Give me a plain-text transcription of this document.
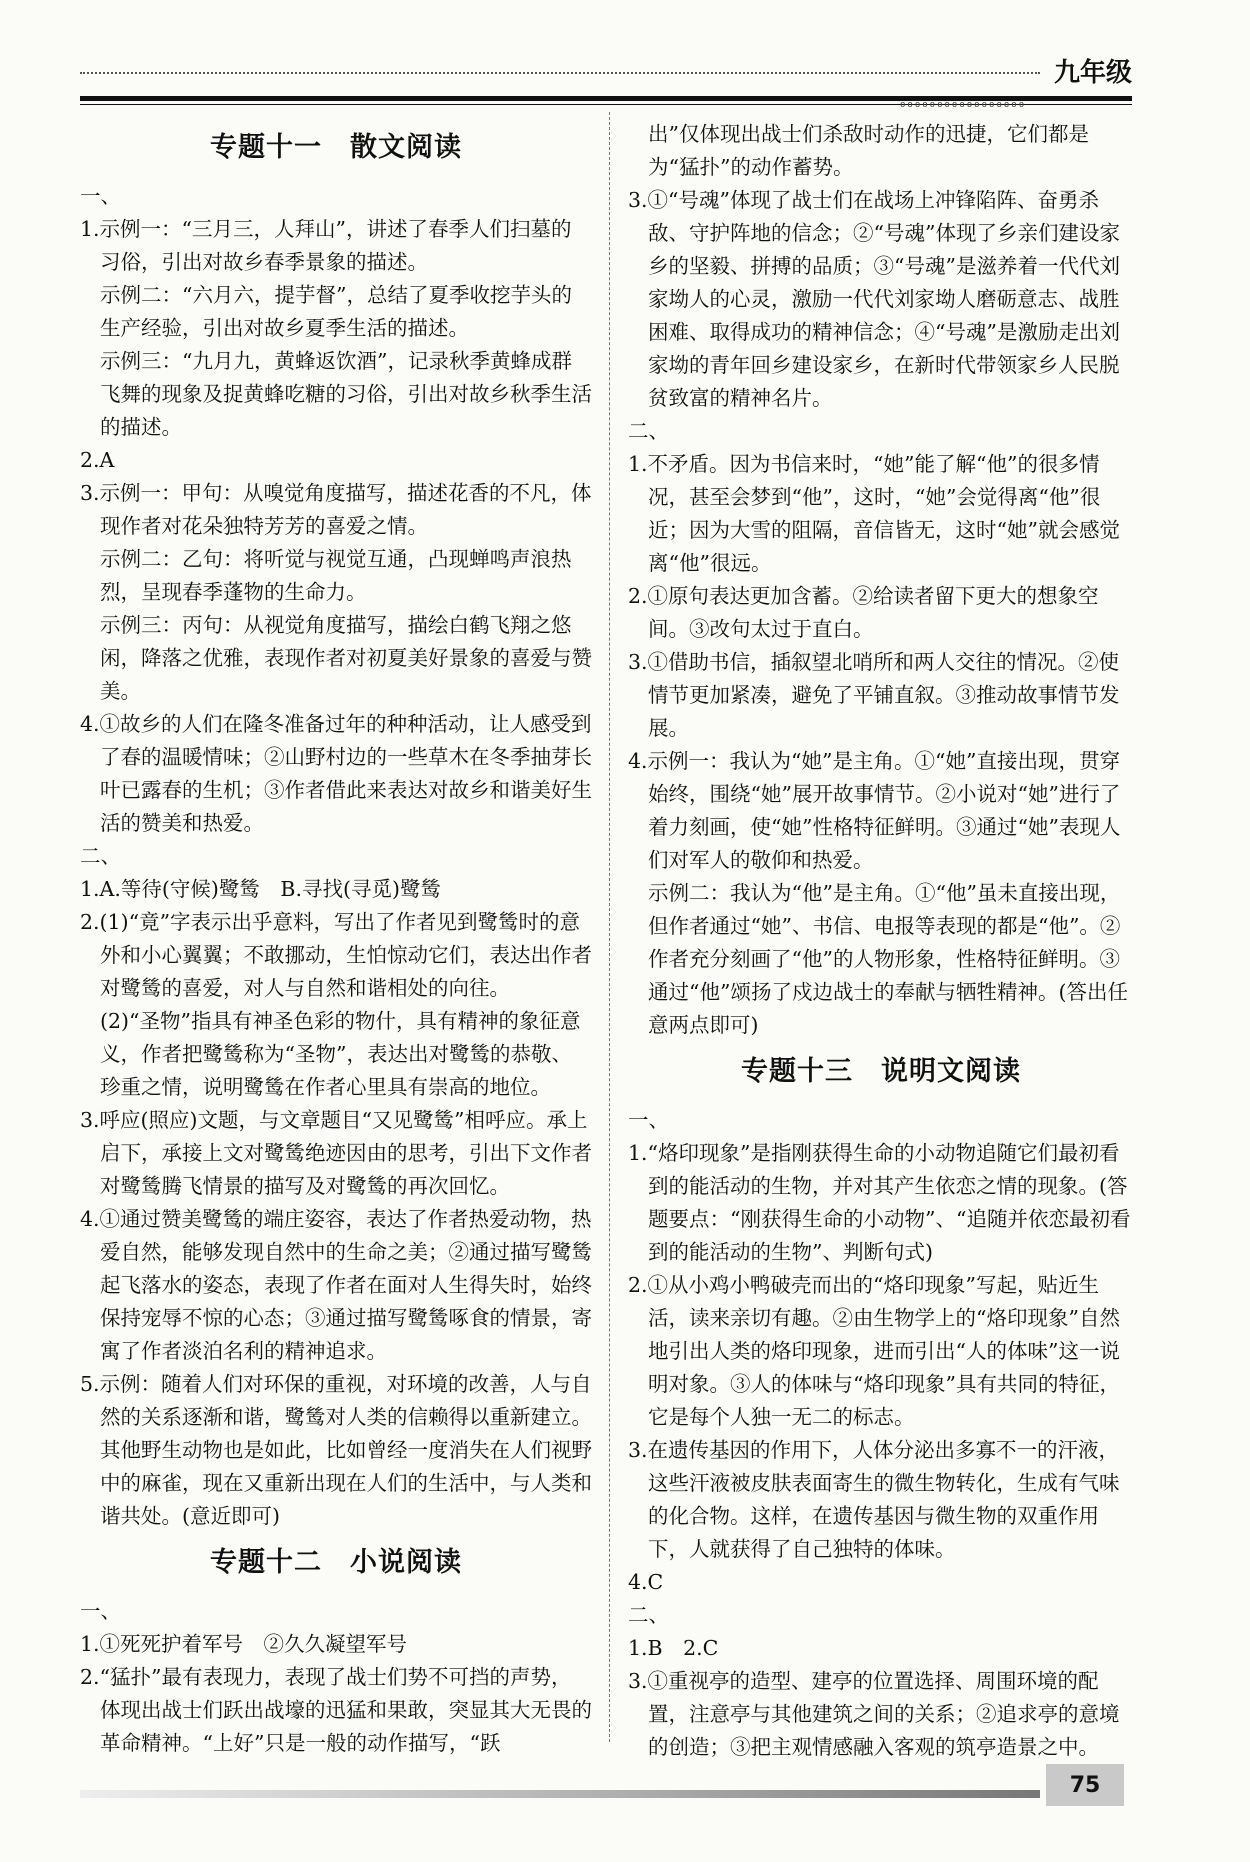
九年级
ooooooooooooooooo
专题十一　散文阅读

一、

1.示例一：“三月三，人拜山”，讲述了春季人们扫墓的习俗，引出对故乡春季景象的描述。

示例二：“六月六，提芋督”，总结了夏季收挖芋头的生产经验，引出对故乡夏季生活的描述。

示例三：“九月九，黄蜂返饮酒”，记录秋季黄蜂成群飞舞的现象及捉黄蜂吃糖的习俗，引出对故乡秋季生活的描述。

2.A

3.示例一：甲句：从嗅觉角度描写，描述花香的不凡，体现作者对花朵独特芳芳的喜爱之情。

示例二：乙句：将听觉与视觉互通，凸现蝉鸣声浪热烈，呈现春季蓬物的生命力。

示例三：丙句：从视觉角度描写，描绘白鹤飞翔之悠闲，降落之优雅，表现作者对初夏美好景象的喜爱与赞美。

4.①故乡的人们在隆冬准备过年的种种活动，让人感受到了春的温暖情味；②山野村边的一些草木在冬季抽芽长叶已露春的生机；③作者借此来表达对故乡和谐美好生活的赞美和热爱。

二、

1.A.等待(守候)鹭鸶　B.寻找(寻觅)鹭鸶

2.(1)“竟”字表示出乎意料，写出了作者见到鹭鸶时的意外和小心翼翼；不敢挪动，生怕惊动它们，表达出作者对鹭鸶的喜爱，对人与自然和谐相处的向往。

(2)“圣物”指具有神圣色彩的物什，具有精神的象征意义，作者把鹭鸶称为“圣物”，表达出对鹭鸶的恭敬、珍重之情，说明鹭鸶在作者心里具有崇高的地位。

3.呼应(照应)文题，与文章题目“又见鹭鸶”相呼应。承上启下，承接上文对鹭鸶绝迹因由的思考，引出下文作者对鹭鸶腾飞情景的描写及对鹭鸶的再次回忆。

4.①通过赞美鹭鸶的端庄姿容，表达了作者热爱动物，热爱自然，能够发现自然中的生命之美；②通过描写鹭鸶起飞落水的姿态，表现了作者在面对人生得失时，始终保持宠辱不惊的心态；③通过描写鹭鸶啄食的情景，寄寓了作者淡泊名利的精神追求。

5.示例：随着人们对环保的重视，对环境的改善，人与自然的关系逐渐和谐，鹭鸶对人类的信赖得以重新建立。其他野生动物也是如此，比如曾经一度消失在人们视野中的麻雀，现在又重新出现在人们的生活中，与人类和谐共处。(意近即可)

专题十二　小说阅读

一、

1.①死死护着军号　②久久凝望军号

2.“猛扑”最有表现力，表现了战士们势不可挡的声势，体现出战士们跃出战壕的迅猛和果敢，突显其大无畏的革命精神。“上好”只是一般的动作描写，“跃

出”仅体现出战士们杀敌时动作的迅捷，它们都是为“猛扑”的动作蓄势。

3.①“号魂”体现了战士们在战场上冲锋陷阵、奋勇杀敌、守护阵地的信念；②“号魂”体现了乡亲们建设家乡的坚毅、拼搏的品质；③“号魂”是滋养着一代代刘家坳人的心灵，激励一代代刘家坳人磨砺意志、战胜困难、取得成功的精神信念；④“号魂”是激励走出刘家坳的青年回乡建设家乡，在新时代带领家乡人民脱贫致富的精神名片。

二、

1.不矛盾。因为书信来时，“她”能了解“他”的很多情况，甚至会梦到“他”，这时，“她”会觉得离“他”很近；因为大雪的阻隔，音信皆无，这时“她”就会感觉离“他”很远。

2.①原句表达更加含蓄。②给读者留下更大的想象空间。③改句太过于直白。

3.①借助书信，插叙望北哨所和两人交往的情况。②使情节更加紧凑，避免了平铺直叙。③推动故事情节发展。

4.示例一：我认为“她”是主角。①“她”直接出现，贯穿始终，围绕“她”展开故事情节。②小说对“她”进行了着力刻画，使“她”性格特征鲜明。③通过“她”表现人们对军人的敬仰和热爱。

示例二：我认为“他”是主角。①“他”虽未直接出现，但作者通过“她”、书信、电报等表现的都是“他”。②作者充分刻画了“他”的人物形象，性格特征鲜明。③通过“他”颂扬了戍边战士的奉献与牺牲精神。(答出任意两点即可)

专题十三　说明文阅读

一、

1.“烙印现象”是指刚获得生命的小动物追随它们最初看到的能活动的生物，并对其产生依恋之情的现象。(答题要点：“刚获得生命的小动物”、“追随并依恋最初看到的能活动的生物”、判断句式)

2.①从小鸡小鸭破壳而出的“烙印现象”写起，贴近生活，读来亲切有趣。②由生物学上的“烙印现象”自然地引出人类的烙印现象，进而引出“人的体味”这一说明对象。③人的体味与“烙印现象”具有共同的特征，它是每个人独一无二的标志。

3.在遗传基因的作用下，人体分泌出多寡不一的汗液，这些汗液被皮肤表面寄生的微生物转化，生成有气味的化合物。这样，在遗传基因与微生物的双重作用下，人就获得了自己独特的体味。

4.C

二、

1.B　2.C

3.①重视亭的造型、建亭的位置选择、周围环境的配置，注意亭与其他建筑之间的关系；②追求亭的意境的创造；③把主观情感融入客观的筑亭造景之中。

75
